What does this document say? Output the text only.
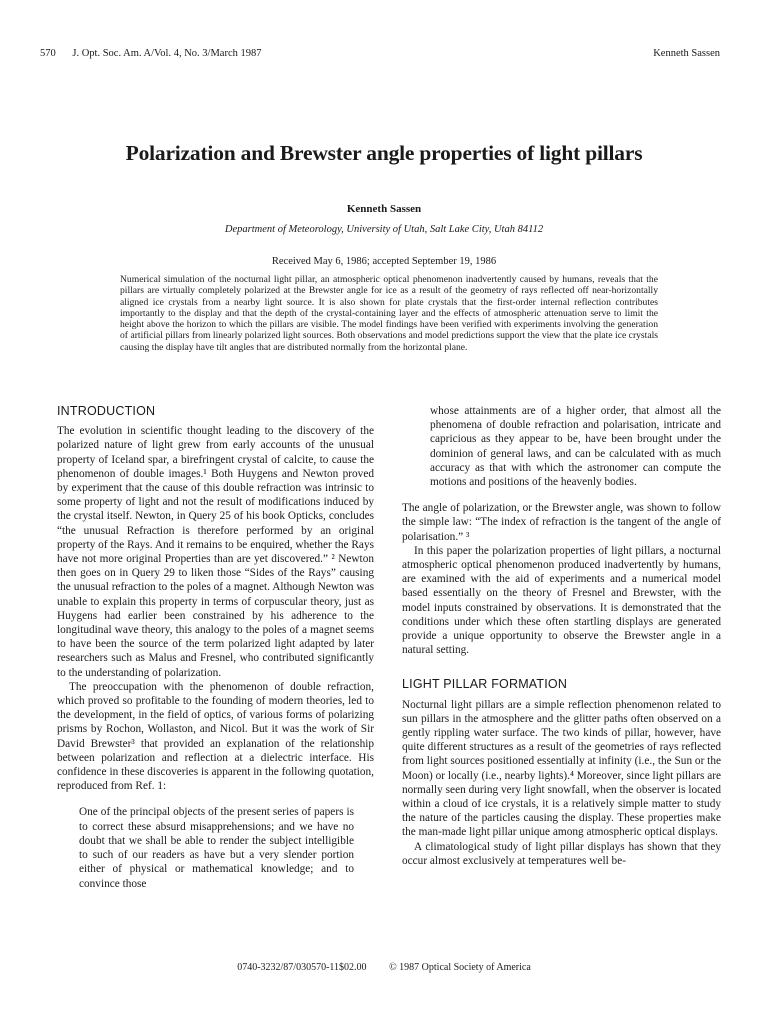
570 J. Opt. Soc. Am. A/Vol. 4, No. 3/March 1987	Kenneth Sassen
Polarization and Brewster angle properties of light pillars
Kenneth Sassen
Department of Meteorology, University of Utah, Salt Lake City, Utah 84112
Received May 6, 1986; accepted September 19, 1986
Numerical simulation of the nocturnal light pillar, an atmospheric optical phenomenon inadvertently caused by humans, reveals that the pillars are virtually completely polarized at the Brewster angle for ice as a result of the geometry of rays reflected off near-horizontally aligned ice crystals from a nearby light source. It is also shown for plate crystals that the first-order internal reflection contributes importantly to the display and that the depth of the crystal-containing layer and the effects of atmospheric attenuation serve to limit the height above the horizon to which the pillars are visible. The model findings have been verified with experiments involving the generation of artificial pillars from linearly polarized light sources. Both observations and model predictions support the view that the plate ice crystals causing the display have tilt angles that are distributed normally from the horizontal plane.
INTRODUCTION

The evolution in scientific thought leading to the discovery of the polarized nature of light grew from early accounts of the unusual property of Iceland spar, a birefringent crystal of calcite, to cause the phenomenon of double images.¹ Both Huygens and Newton proved by experiment that the cause of this double refraction was intrinsic to some property of light and not the result of modifications induced by the crystal itself. Newton, in Query 25 of his book Opticks, concludes “the unusual Refraction is therefore performed by an original property of the Rays. And it remains to be enquired, whether the Rays have not more original Properties than are yet discovered.” ² Newton then goes on in Query 29 to liken those “Sides of the Rays” causing the unusual refraction to the poles of a magnet. Although Newton was unable to explain this property in terms of corpuscular theory, just as Huygens had earlier been constrained by his adherence to the longitudinal wave theory, this analogy to the poles of a magnet seems to have been the source of the term polarized light adapted by later researchers such as Malus and Fresnel, who contributed significantly to the understanding of polarization.

The preoccupation with the phenomenon of double refraction, which proved so profitable to the founding of modern theories, led to the development, in the field of optics, of various forms of polarizing prisms by Rochon, Wollaston, and Nicol. But it was the work of Sir David Brewster³ that provided an explanation of the relationship between polarization and reflection at a dielectric interface. His confidence in these discoveries is apparent in the following quotation, reproduced from Ref. 1:

One of the principal objects of the present series of papers is to correct these absurd misapprehensions; and we have no doubt that we shall be able to render the subject intelligible to such of our readers as have but a very slender portion either of physical or mathematical knowledge; and to convince those

whose attainments are of a higher order, that almost all the phenomena of double refraction and polarisation, intricate and capricious as they appear to be, have been brought under the dominion of general laws, and can be calculated with as much accuracy as that with which the astronomer can compute the motions and positions of the heavenly bodies.

The angle of polarization, or the Brewster angle, was shown to follow the simple law: “The index of refraction is the tangent of the angle of polarisation.” ³

In this paper the polarization properties of light pillars, a nocturnal atmospheric optical phenomenon produced inadvertently by humans, are examined with the aid of experiments and a numerical model based essentially on the theory of Fresnel and Brewster, with the model inputs constrained by observations. It is demonstrated that the conditions under which these often startling displays are generated provide a unique opportunity to observe the Brewster angle in a natural setting.

LIGHT PILLAR FORMATION

Nocturnal light pillars are a simple reflection phenomenon related to sun pillars in the atmosphere and the glitter paths often observed on a gently rippling water surface. The two kinds of pillar, however, have quite different structures as a result of the geometries of rays reflected from light sources positioned essentially at infinity (i.e., the Sun or the Moon) or locally (i.e., nearby lights).⁴ Moreover, since light pillars are normally seen during very light snowfall, when the observer is located within a cloud of ice crystals, it is a relatively simple matter to study the nature of the particles causing the display. These properties make the man-made light pillar unique among atmospheric optical displays.

A climatological study of light pillar displays has shown that they occur almost exclusively at temperatures well be-

0740-3232/87/030570-11$02.00 © 1987 Optical Society of America
